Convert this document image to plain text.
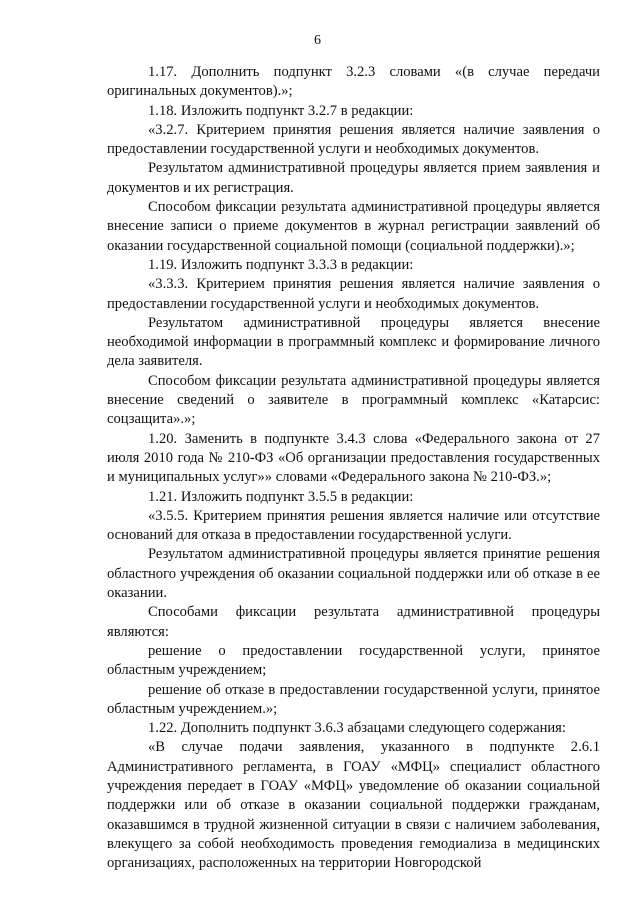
6

1.17. Дополнить подпункт 3.2.3 словами «(в случае передачи оригинальных документов).»;

1.18. Изложить подпункт 3.2.7 в редакции:

«3.2.7. Критерием принятия решения является наличие заявления о предоставлении государственной услуги и необходимых документов.

Результатом административной процедуры является прием заявления и документов и их регистрация.

Способом фиксации результата административной процедуры является внесение записи о приеме документов в журнал регистрации заявлений об оказании государственной социальной помощи (социальной поддержки).»;

1.19. Изложить подпункт 3.3.3 в редакции:

«3.3.3. Критерием принятия решения является наличие заявления о предоставлении государственной услуги и необходимых документов.

Результатом административной процедуры является внесение необходимой информации в программный комплекс и формирование личного дела заявителя.

Способом фиксации результата административной процедуры является внесение сведений о заявителе в программный комплекс «Катарсис: соцзащита».»;

1.20. Заменить в подпункте 3.4.3 слова «Федерального закона от 27 июля 2010 года № 210-ФЗ «Об организации предоставления государственных и муниципальных услуг»» словами «Федерального закона № 210-ФЗ.»;

1.21. Изложить подпункт 3.5.5 в редакции:

«3.5.5. Критерием принятия решения является наличие или отсутствие оснований для отказа в предоставлении государственной услуги.

Результатом административной процедуры является принятие решения областного учреждения об оказании социальной поддержки или об отказе в ее оказании.

Способами фиксации результата административной процедуры являются:

решение о предоставлении государственной услуги, принятое областным учреждением;

решение об отказе в предоставлении государственной услуги, принятое областным учреждением.»;

1.22. Дополнить подпункт 3.6.3 абзацами следующего содержания:

«В случае подачи заявления, указанного в подпункте 2.6.1 Административного регламента, в ГОАУ «МФЦ» специалист областного учреждения передает в ГОАУ «МФЦ» уведомление об оказании социальной поддержки или об отказе в оказании социальной поддержки гражданам, оказавшимся в трудной жизненной ситуации в связи с наличием заболевания, влекущего за собой необходимость проведения гемодиализа в медицинских организациях, расположенных на территории Новгородской
